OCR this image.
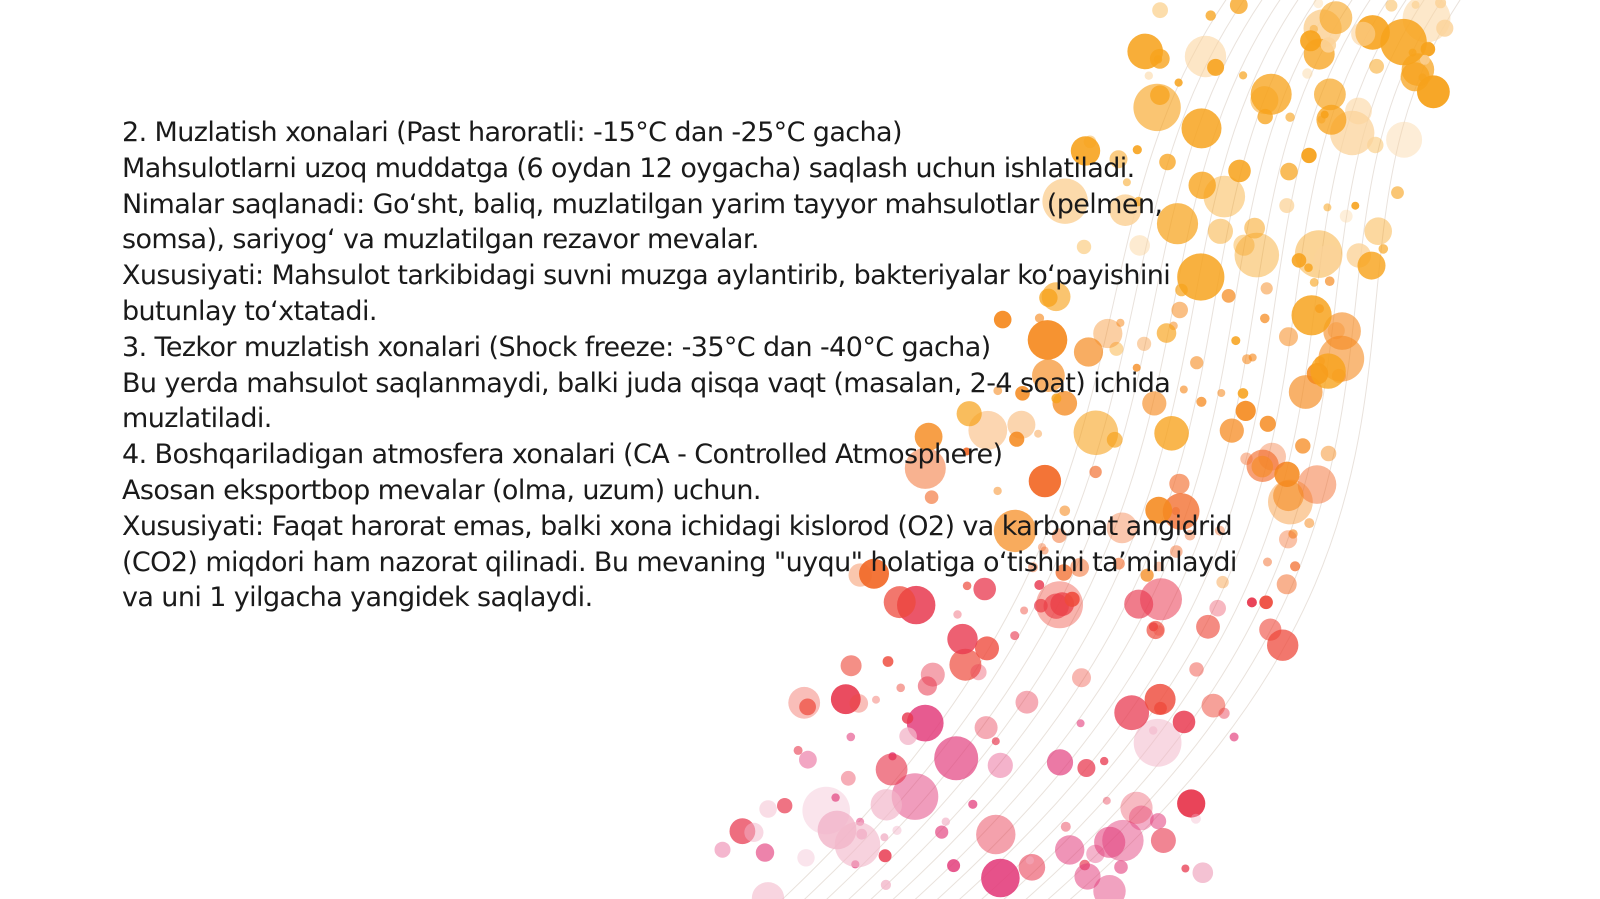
2. Muzlatish xonalari (Past haroratli: -15°C dan -25°C gacha)
Mahsulotlarni uzoq muddatga (6 oydan 12 oygacha) saqlash uchun ishlatiladi.
Nimalar saqlanadi: Go‘sht, baliq, muzlatilgan yarim tayyor mahsulotlar (pelmen,
somsa), sariyog‘ va muzlatilgan rezavor mevalar.
Xususiyati: Mahsulot tarkibidagi suvni muzga aylantirib, bakteriyalar ko‘payishini
butunlay to‘xtatadi.
3. Tezkor muzlatish xonalari (Shock freeze: -35°C dan -40°C gacha)
Bu yerda mahsulot saqlanmaydi, balki juda qisqa vaqt (masalan, 2-4 soat) ichida
muzlatiladi.
4. Boshqariladigan atmosfera xonalari (CA - Controlled Atmosphere)
Asosan eksportbop mevalar (olma, uzum) uchun.
Xususiyati: Faqat harorat emas, balki xona ichidagi kislorod (O2) va karbonat angidrid
(CO2) miqdori ham nazorat qilinadi. Bu mevaning "uyqu" holatiga o‘tishini ta’minlaydi
va uni 1 yilgacha yangidek saqlaydi.
